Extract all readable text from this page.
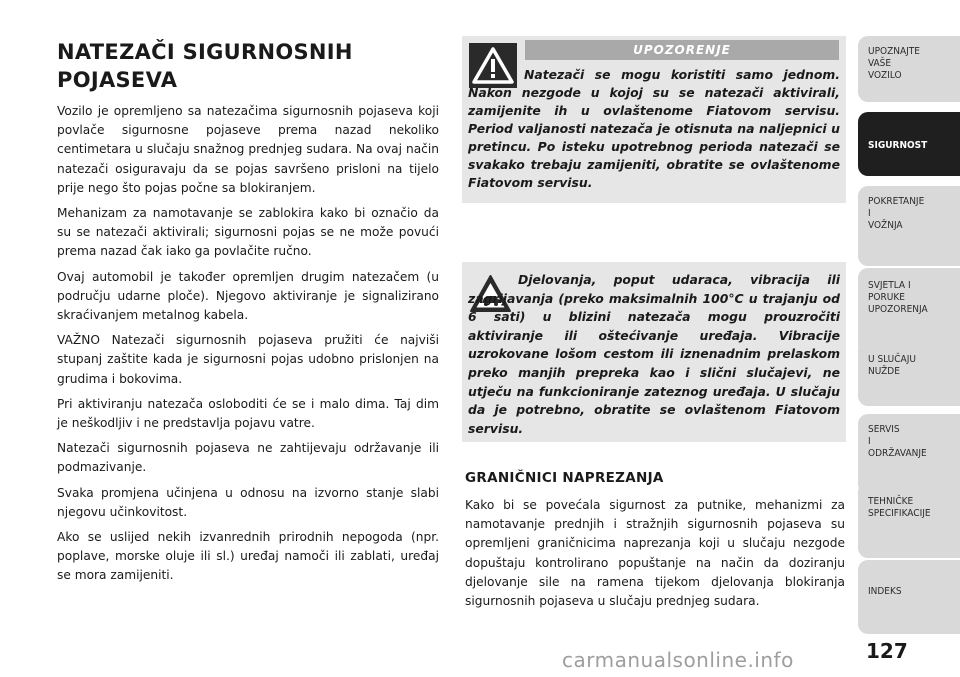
NATEZAČI SIGURNOSNIH
POJASEVA

Vozilo je opremljeno sa natezačima sigurnosnih pojaseva koji povlače sigurnosne pojaseve prema nazad nekoliko centimetara u slučaju snažnog prednjeg sudara. Na ovaj način natezači osiguravaju da se pojas savršeno prisloni na tijelo prije nego što pojas počne sa blokiranjem.

Mehanizam za namotavanje se zablokira kako bi označio da su se natezači aktivirali; sigurnosni pojas se ne može povući prema nazad čak iako ga povlačite ručno.

Ovaj automobil je također opremljen drugim natezačem (u području udarne ploče). Njegovo aktiviranje je signalizirano skraćivanjem metalnog kabela.

VAŽNO Natezači sigurnosnih pojaseva pružiti će najviši stupanj zaštite kada je sigurnosni pojas udobno prislonjen na grudima i bokovima.

Pri aktiviranju natezača osloboditi će se i malo dima. Taj dim je neškodljiv i ne predstavlja pojavu vatre.

Natezači sigurnosnih pojaseva ne zahtijevaju održavanje ili podmazivanje.

Svaka promjena učinjena u odnosu na izvorno stanje slabi njegovu učinkovitost.

Ako se uslijed nekih izvanrednih prirodnih nepogoda (npr. poplave, morske oluje ili sl.) uređaj namoči ili zablati, uređaj se mora zamijeniti.

UPOZORENJE

Natezači se mogu koristiti samo jednom. Nakon nezgode u kojoj su se natezači aktivirali, zamijenite ih u ovlaštenome Fiatovom servisu. Period valjanosti natezača je otisnuta na naljepnici u pretincu. Po isteku upotrebnog perioda natezači se svakako trebaju zamijeniti, obratite se ovlaštenome Fiatovom servisu.

Djelovanja, poput udaraca, vibracija ili zagrijavanja (preko maksimalnih 100°C u trajanju od 6 sati) u blizini natezača mogu prouzročiti aktiviranje ili oštećivanje uređaja. Vibracije uzrokovane lošom cestom ili iznenadnim prelaskom preko manjih prepreka kao i slični slučajevi, ne utječu na funkcioniranje zateznog uređaja. U slučaju da je potrebno, obratite se ovlaštenom Fiatovom servisu.

GRANIČNICI NAPREZANJA

Kako bi se povećala sigurnost za putnike, mehanizmi za namotavanje prednjih i stražnjih sigurnosnih pojaseva su opremljeni graničnicima naprezanja koji u slučaju nezgode dopuštaju kontrolirano popuštanje na način da doziranju djelovanje sile na ramena tijekom djelovanja blokiranja sigurnosnih pojaseva u slučaju prednjeg sudara.

UPOZNAJTE
VAŠE
VOZILO
SIGURNOST
POKRETANJE
I
VOŽNJA
SVJETLA I
PORUKE
UPOZORENJA
U SLUČAJU
NUŽDE
SERVIS
I
ODRŽAVANJE
TEHNIČKE
SPECIFIKACIJE
INDEKS
carmanualsonline.info	127
